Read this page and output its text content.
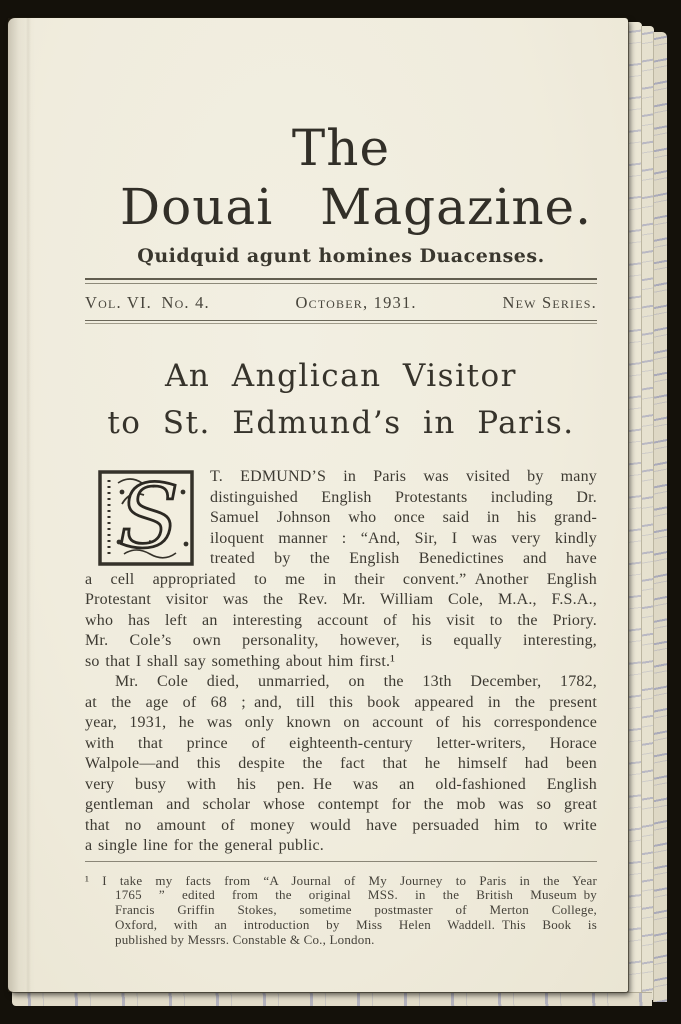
The
Douai Magazine.
Quidquid agunt homines Duacenses.
Vol. VI. No. 4.	October, 1931.	New Series.
An Anglican Visitor
to St. Edmund’s in Paris.
S T. EDMUND’S in Paris was visited by many
distinguished English Protestants including Dr.
Samuel Johnson who once said in his grand-
iloquent manner : “And, Sir, I was very kindly
treated by the English Benedictines and have
a cell appropriated to me in their convent.” Another English
Protestant visitor was the Rev. Mr. William Cole, M.A., F.S.A.,
who has left an interesting account of his visit to the Priory.
Mr. Cole’s own personality, however, is equally interesting,
so that I shall say something about him first.¹
Mr. Cole died, unmarried, on the 13th December, 1782,
at the age of 68 ; and, till this book appeared in the present
year, 1931, he was only known on account of his correspondence
with that prince of eighteenth-century letter-writers, Horace
Walpole—and this despite the fact that he himself had been
very busy with his pen. He was an old-fashioned English
gentleman and scholar whose contempt for the mob was so great
that no amount of money would have persuaded him to write
a single line for the general public.
¹ I take my facts from “A Journal of My Journey to Paris in the Year
1765 ” edited from the original MSS. in the British Museum by
Francis Griffin Stokes, sometime postmaster of Merton College,
Oxford, with an introduction by Miss Helen Waddell. This Book is
published by Messrs. Constable & Co., London.
